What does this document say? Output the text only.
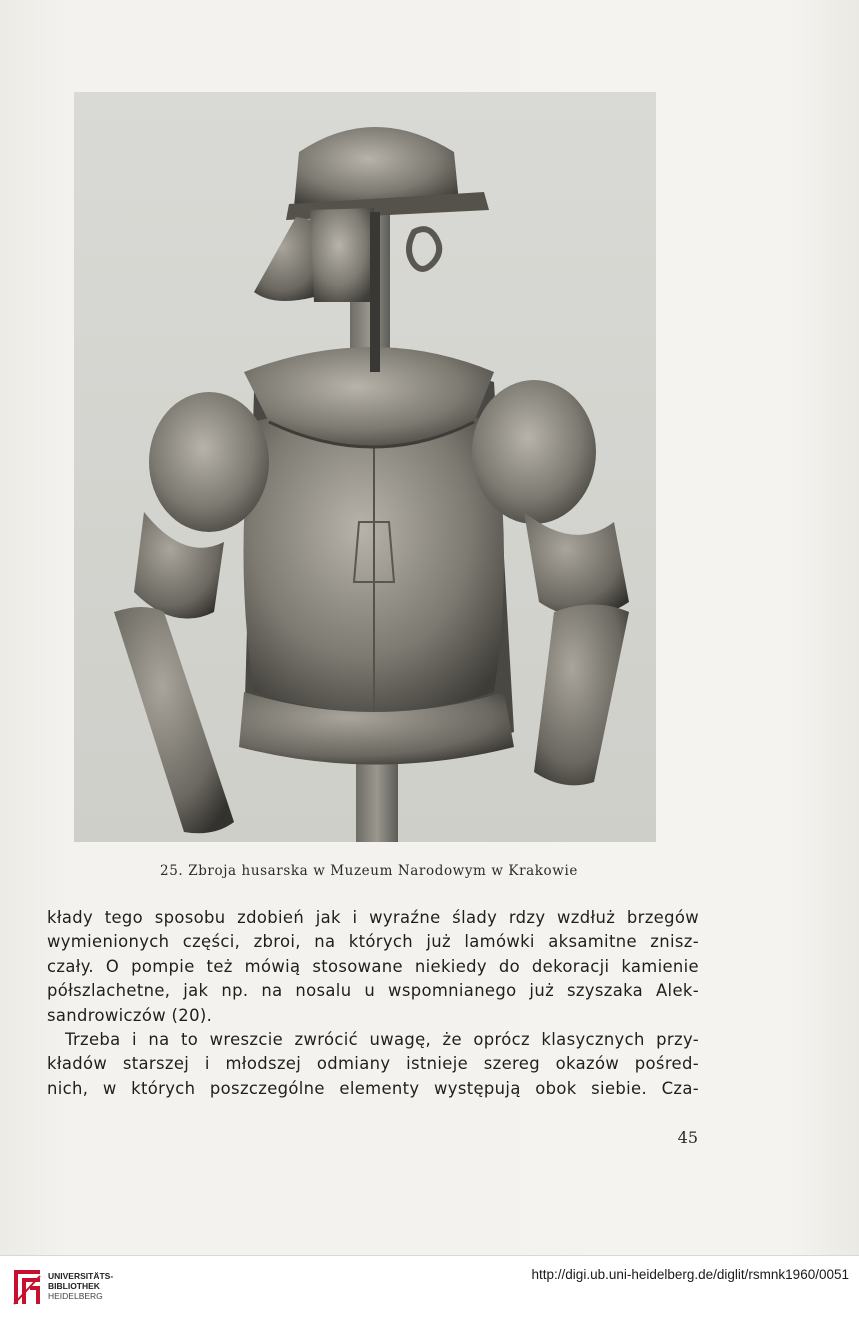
25. Zbroja husarska w Muzeum Narodowym w Krakowie
kłady tego sposobu zdobień jak i wyraźne ślady rdzy wzdłuż brzegów
wymienionych części, zbroi, na których już lamówki aksamitne znisz-
czały. O pompie też mówią stosowane niekiedy do dekoracji kamienie
półszlachetne, jak np. na nosalu u wspomnianego już szyszaka Alek-
sandrowiczów (20).
Trzeba i na to wreszcie zwrócić uwagę, że oprócz klasycznych przy-
kładów starszej i młodszej odmiany istnieje szereg okazów pośred-
nich, w których poszczególne elementy występują obok siebie. Cza-
45
UNIVERSITÄTS-
BIBLIOTHEK
HEIDELBERG
http://digi.ub.uni-heidelberg.de/diglit/rsmnk1960/0051
